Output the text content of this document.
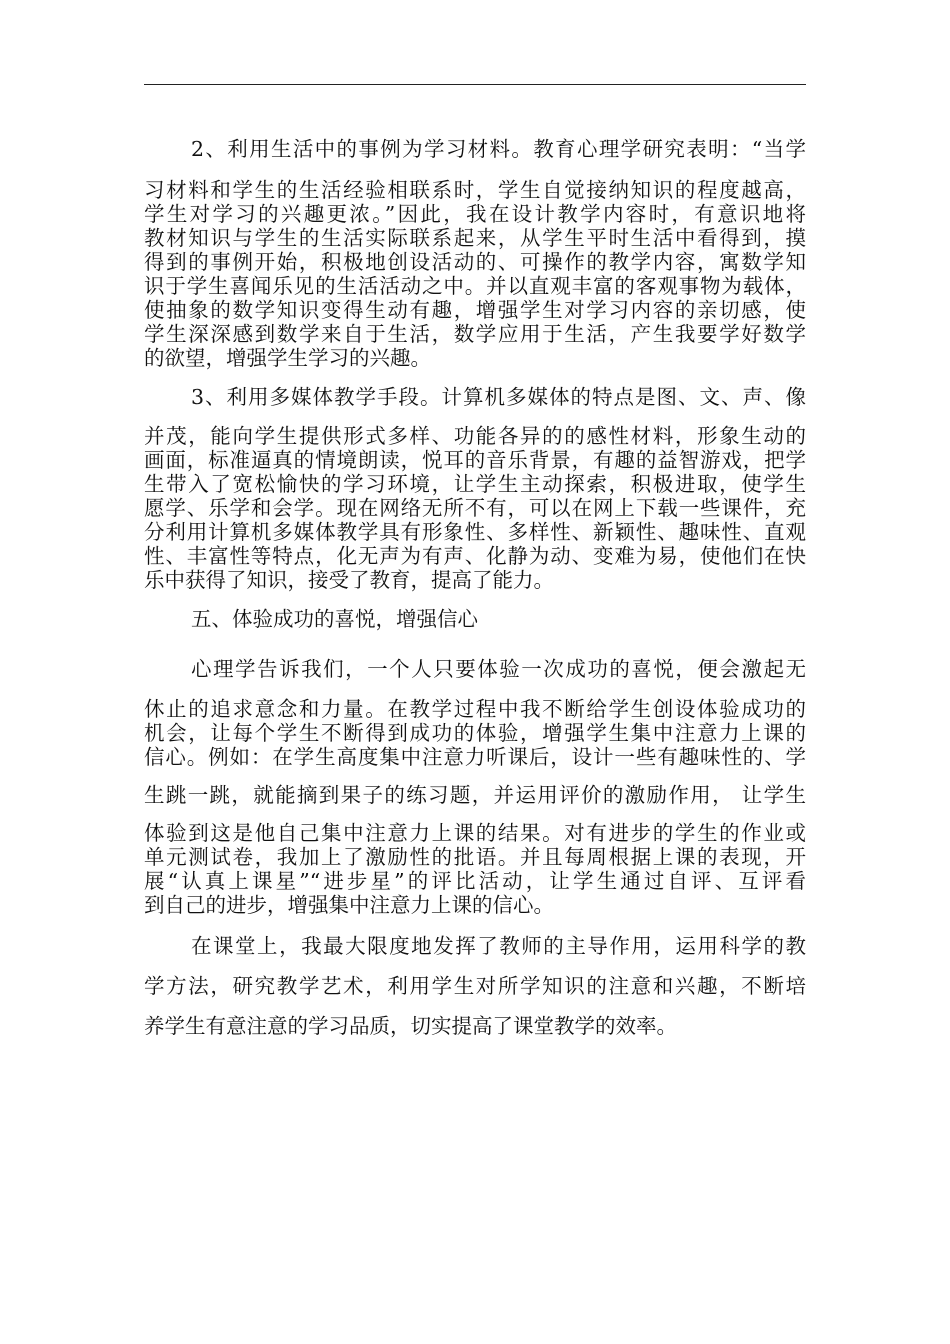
2、利用生活中的事例为学习材料。教育心理学研究表明：“当学
习材料和学生的生活经验相联系时，学生自觉接纳知识的程度越高，
学生对学习的兴趣更浓。”因此，我在设计教学内容时，有意识地将
教材知识与学生的生活实际联系起来，从学生平时生活中看得到，摸
得到的事例开始，积极地创设活动的、可操作的教学内容，寓数学知
识于学生喜闻乐见的生活活动之中。并以直观丰富的客观事物为载体，
使抽象的数学知识变得生动有趣，增强学生对学习内容的亲切感，使
学生深深感到数学来自于生活，数学应用于生活，产生我要学好数学
的欲望，增强学生学习的兴趣。
3、利用多媒体教学手段。计算机多媒体的特点是图、文、声、像
并茂，能向学生提供形式多样、功能各异的的感性材料，形象生动的
画面，标准逼真的情境朗读，悦耳的音乐背景，有趣的益智游戏，把学
生带入了宽松愉快的学习环境，让学生主动探索，积极进取，使学生
愿学、乐学和会学。现在网络无所不有，可以在网上下载一些课件，充
分利用计算机多媒体教学具有形象性、多样性、新颖性、趣味性、直观
性、丰富性等特点，化无声为有声、化静为动、变难为易，使他们在快
乐中获得了知识，接受了教育，提高了能力。
五、体验成功的喜悦，增强信心
心理学告诉我们，一个人只要体验一次成功的喜悦，便会激起无
休止的追求意念和力量。在教学过程中我不断给学生创设体验成功的
机会，让每个学生不断得到成功的体验，增强学生集中注意力上课的
信心。例如：在学生高度集中注意力听课后，设计一些有趣味性的、学
生跳一跳，就能摘到果子的练习题，并运用评价的激励作用， 让学生
体验到这是他自己集中注意力上课的结果。对有进步的学生的作业或
单元测试卷，我加上了激励性的批语。并且每周根据上课的表现，开
展“认真上课星”“进步星”的评比活动，让学生通过自评、互评看
到自己的进步，增强集中注意力上课的信心。
在课堂上，我最大限度地发挥了教师的主导作用，运用科学的教
学方法，研究教学艺术，利用学生对所学知识的注意和兴趣，不断培
养学生有意注意的学习品质，切实提高了课堂教学的效率。
